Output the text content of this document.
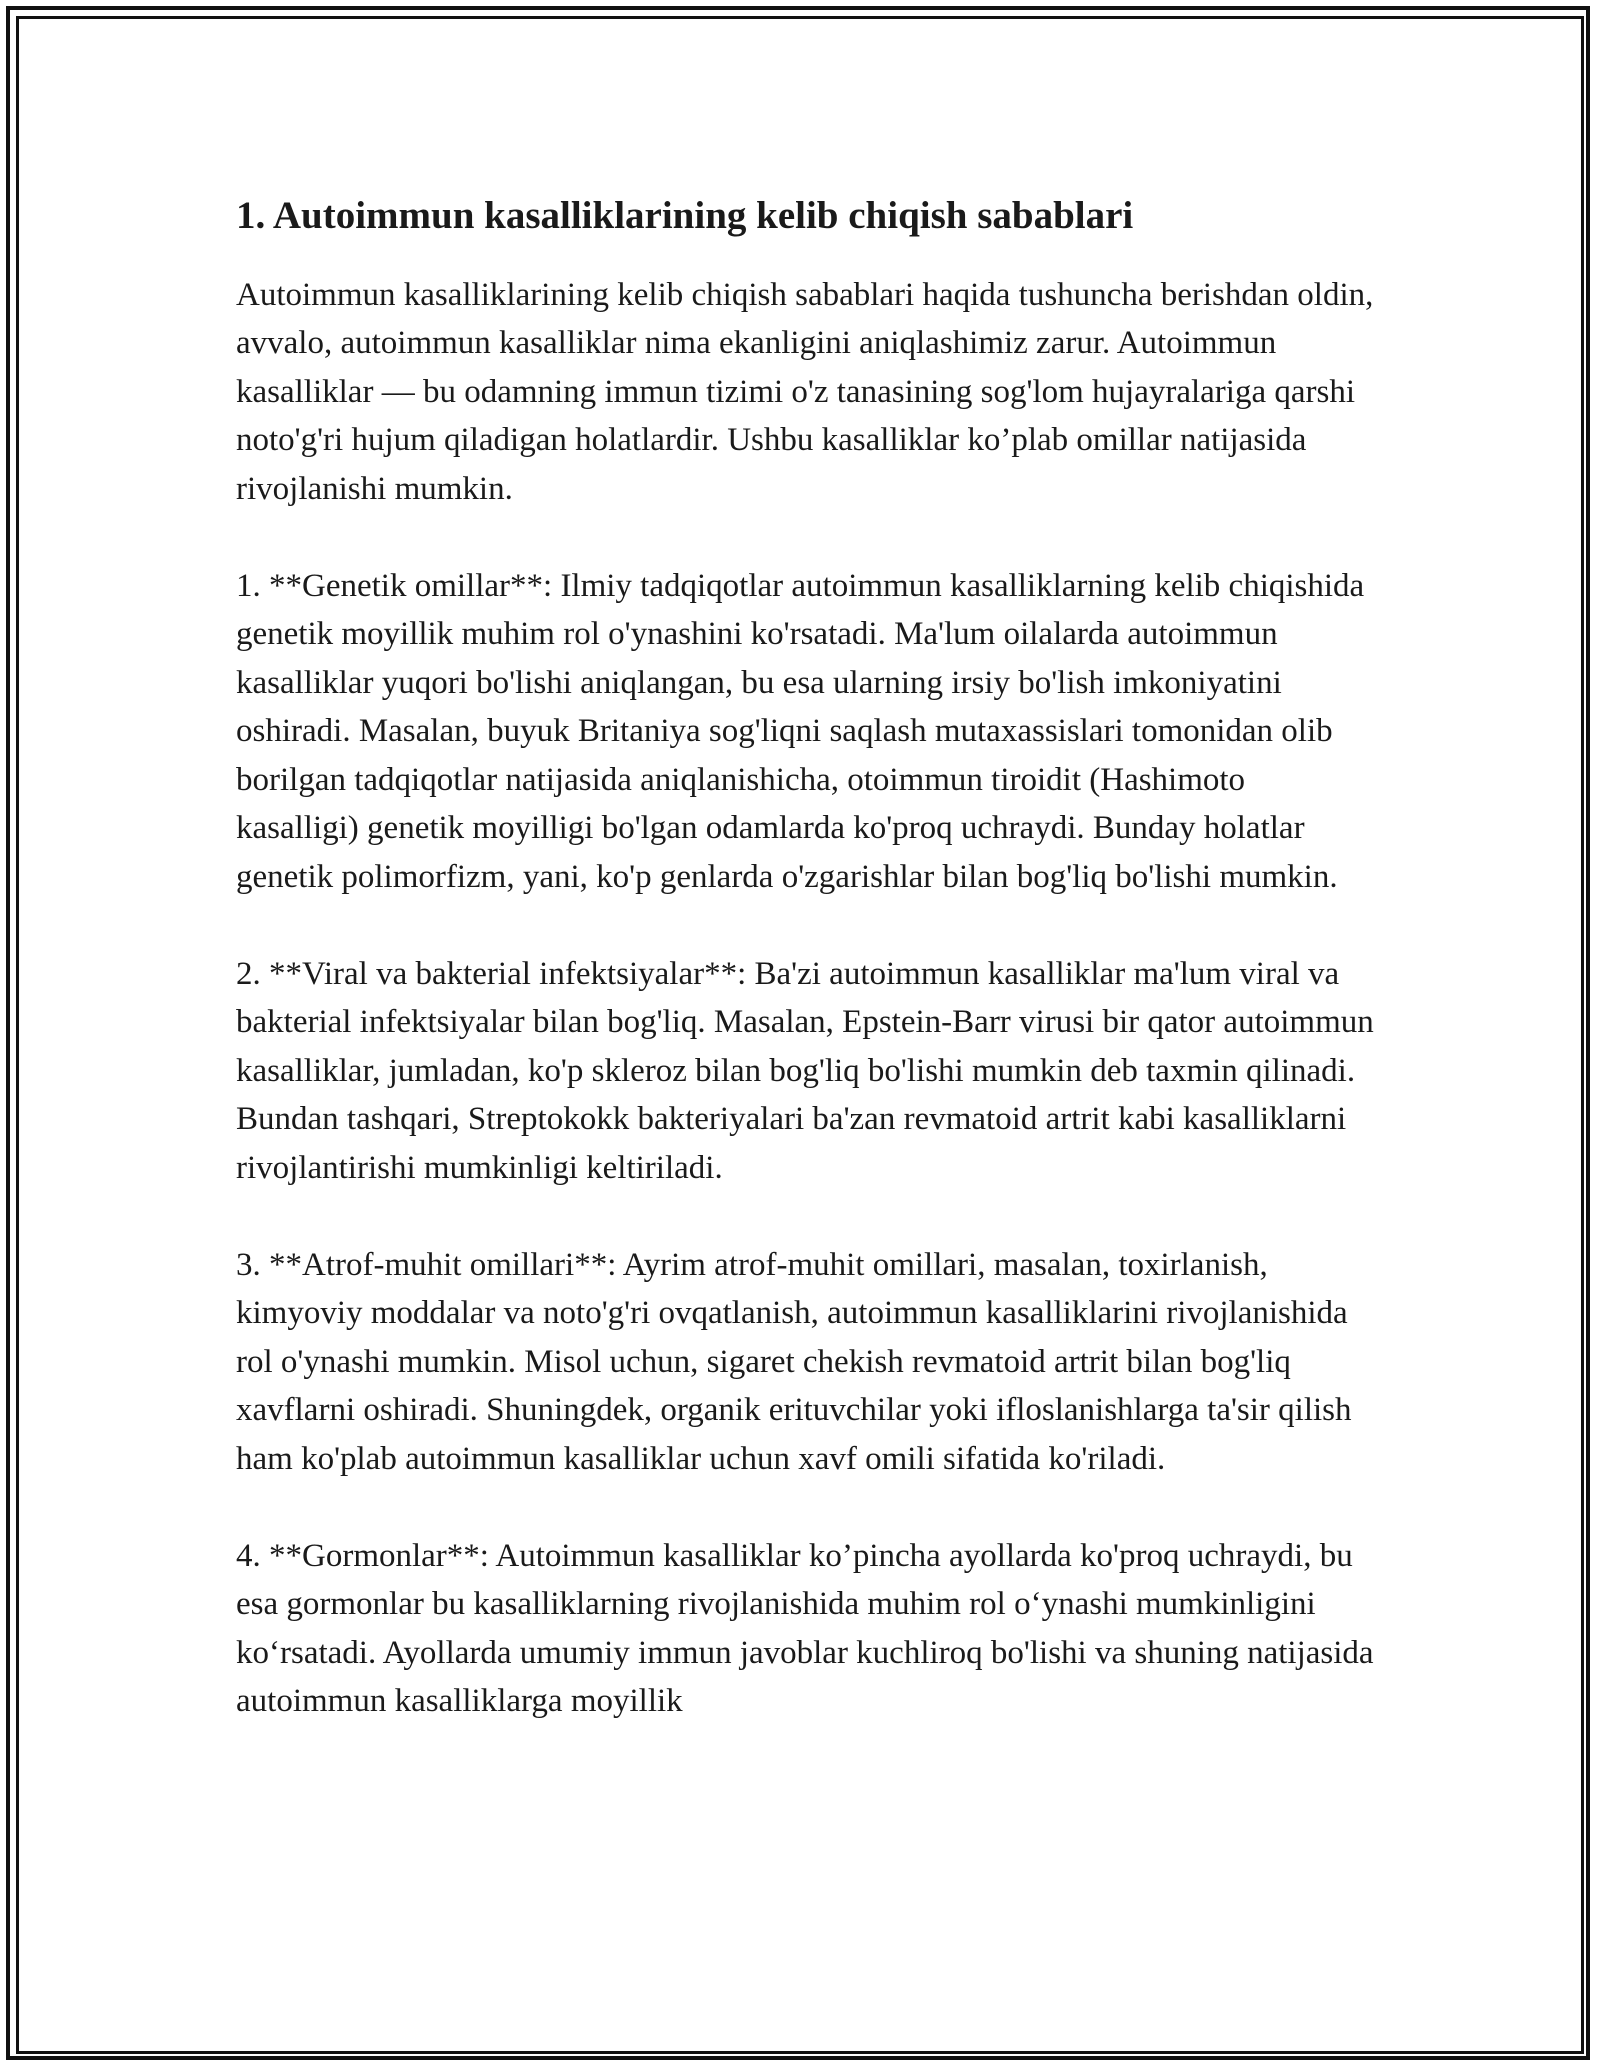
1. Autoimmun kasalliklarining kelib chiqish sabablari

Autoimmun kasalliklarining kelib chiqish sabablari haqida tushuncha berishdan oldin, avvalo, autoimmun kasalliklar nima ekanligini aniqlashimiz zarur. Autoimmun kasalliklar — bu odamning immun tizimi o'z tanasining sog'lom hujayralariga qarshi noto'g'ri hujum qiladigan holatlardir. Ushbu kasalliklar ko’plab omillar natijasida rivojlanishi mumkin.

1. **Genetik omillar**: Ilmiy tadqiqotlar autoimmun kasalliklarning kelib chiqishida genetik moyillik muhim rol o'ynashini ko'rsatadi. Ma'lum oilalarda autoimmun kasalliklar yuqori bo'lishi aniqlangan, bu esa ularning irsiy bo'lish imkoniyatini oshiradi. Masalan, buyuk Britaniya sog'liqni saqlash mutaxassislari tomonidan olib borilgan tadqiqotlar natijasida aniqlanishicha, otoimmun tiroidit (Hashimoto kasalligi) genetik moyilligi bo'lgan odamlarda ko'proq uchraydi. Bunday holatlar genetik polimorfizm, yani, ko'p genlarda o'zgarishlar bilan bog'liq bo'lishi mumkin.

2. **Viral va bakterial infektsiyalar**: Ba'zi autoimmun kasalliklar ma'lum viral va bakterial infektsiyalar bilan bog'liq. Masalan, Epstein-Barr virusi bir qator autoimmun kasalliklar, jumladan, ko'p skleroz bilan bog'liq bo'lishi mumkin deb taxmin qilinadi. Bundan tashqari, Streptokokk bakteriyalari ba'zan revmatoid artrit kabi kasalliklarni rivojlantirishi mumkinligi keltiriladi.

3. **Atrof-muhit omillari**: Ayrim atrof-muhit omillari, masalan, toxirlanish, kimyoviy moddalar va noto'g'ri ovqatlanish, autoimmun kasalliklarini rivojlanishida rol o'ynashi mumkin. Misol uchun, sigaret chekish revmatoid artrit bilan bog'liq xavflarni oshiradi. Shuningdek, organik erituvchilar yoki ifloslanishlarga ta'sir qilish ham ko'plab autoimmun kasalliklar uchun xavf omili sifatida ko'riladi.

4. **Gormonlar**: Autoimmun kasalliklar ko’pincha ayollarda ko'proq uchraydi, bu esa gormonlar bu kasalliklarning rivojlanishida muhim rol o‘ynashi mumkinligini ko‘rsatadi. Ayollarda umumiy immun javoblar kuchliroq bo'lishi va shuning natijasida autoimmun kasalliklarga moyillik
